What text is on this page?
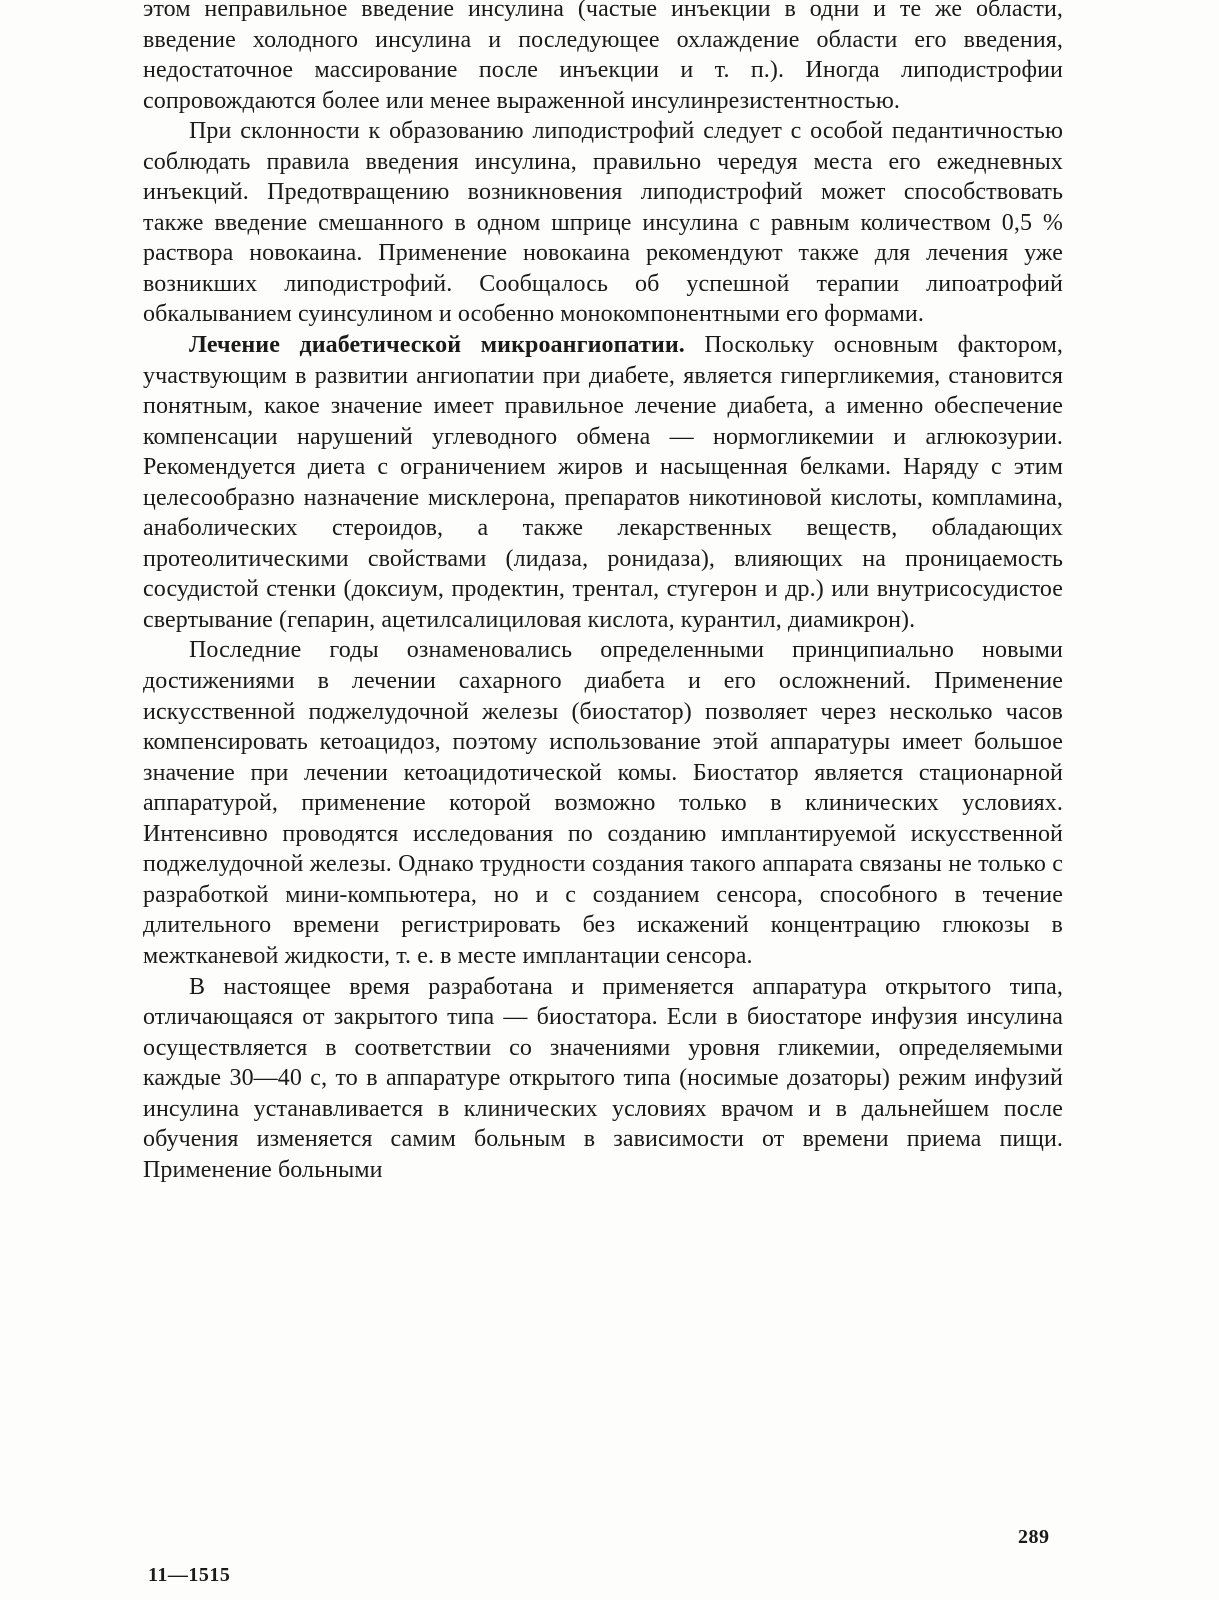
этом неправильное введение инсулина (частые инъекции в одни и те же области, введение холодного инсулина и последующее охлаждение области его введения, недостаточное массирование после инъекции и т. п.). Иногда липодистрофии сопровождаются более или менее выраженной инсулинрезистентностью.

При склонности к образованию липодистрофий следует с особой педантичностью соблюдать правила введения инсулина, правильно чередуя места его ежедневных инъекций. Предотвращению возникновения липодистрофий может способствовать также введение смешанного в одном шприце инсулина с равным количеством 0,5 % раствора новокаина. Применение новокаина рекомендуют также для лечения уже возникших липодистрофий. Сообщалось об успешной терапии липоатрофий обкалыванием суинсулином и особенно монокомпонентными его формами.

Лечение диабетической микроангиопатии. Поскольку основным фактором, участвующим в развитии ангиопатии при диабете, является гипергликемия, становится понятным, какое значение имеет правильное лечение диабета, а именно обеспечение компенсации нарушений углеводного обмена — нормогликемии и аглюкозурии. Рекомендуется диета с ограничением жиров и насыщенная белками. Наряду с этим целесообразно назначение мисклерона, препаратов никотиновой кислоты, компламина, анаболических стероидов, а также лекарственных веществ, обладающих протеолитическими свойствами (лидаза, ронидаза), влияющих на проницаемость сосудистой стенки (доксиум, продектин, трентал, стугерон и др.) или внутрисосудистое свертывание (гепарин, ацетилсалициловая кислота, курантил, диамикрон).

Последние годы ознаменовались определенными принципиально новыми достижениями в лечении сахарного диабета и его осложнений. Применение искусственной поджелудочной железы (биостатор) позволяет через несколько часов компенсировать кетоацидоз, поэтому использование этой аппаратуры имеет большое значение при лечении кетоацидотической комы. Биостатор является стационарной аппаратурой, применение которой возможно только в клинических условиях. Интенсивно проводятся исследования по созданию имплантируемой искусственной поджелудочной железы. Однако трудности создания такого аппарата связаны не только с разработкой мини-компьютера, но и с созданием сенсора, способного в течение длительного времени регистрировать без искажений концентрацию глюкозы в межтканевой жидкости, т. е. в месте имплантации сенсора.

В настоящее время разработана и применяется аппаратура открытого типа, отличающаяся от закрытого типа — биостатора. Если в биостаторе инфузия инсулина осуществляется в соответствии со значениями уровня гликемии, определяемыми каждые 30—40 с, то в аппаратуре открытого типа (носимые дозаторы) режим инфузий инсулина устанавливается в клинических условиях врачом и в дальнейшем после обучения изменяется самим больным в зависимости от времени приема пищи. Применение больными

289
11—1515
